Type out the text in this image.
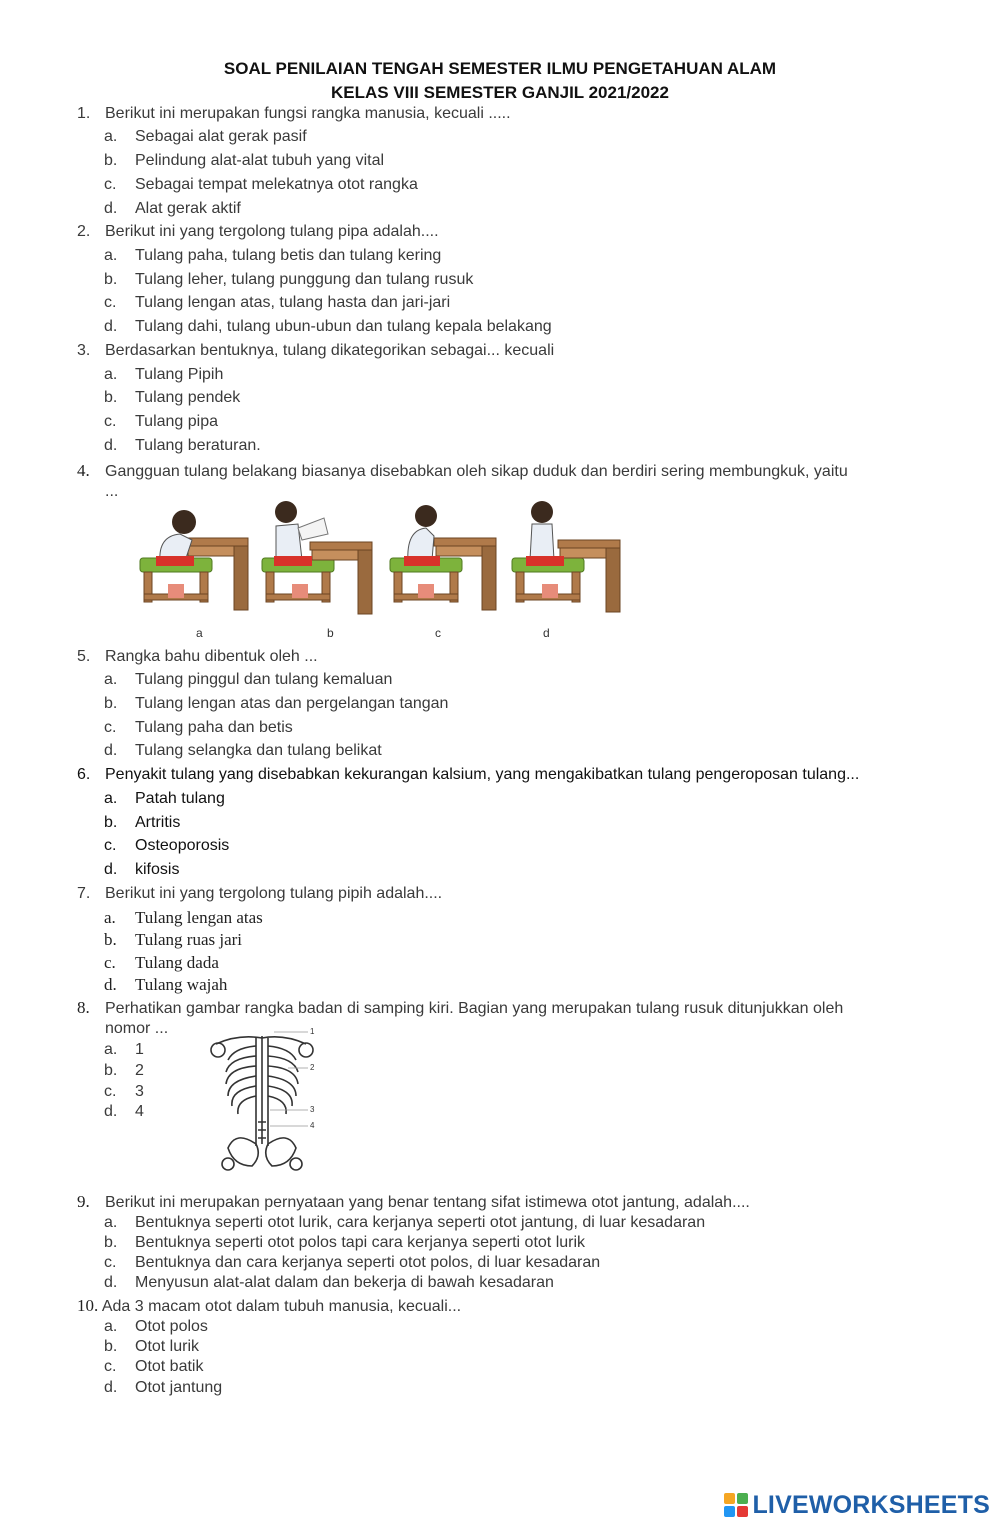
SOAL PENILAIAN TENGAH SEMESTER ILMU PENGETAHUAN ALAM
KELAS VIII SEMESTER GANJIL 2021/2022
1. Berikut ini merupakan fungsi rangka manusia, kecuali .....
a. Sebagai alat gerak pasif
b. Pelindung alat-alat tubuh yang vital
c. Sebagai tempat melekatnya otot rangka
d. Alat gerak aktif
2. Berikut ini yang tergolong tulang pipa adalah....
a. Tulang paha, tulang betis dan tulang kering
b. Tulang leher, tulang punggung dan tulang rusuk
c. Tulang lengan atas, tulang hasta dan jari-jari
d. Tulang dahi, tulang ubun-ubun dan tulang kepala belakang
3. Berdasarkan bentuknya, tulang dikategorikan sebagai... kecuali
a. Tulang Pipih
b. Tulang pendek
c. Tulang pipa
d. Tulang beraturan.
4. Gangguan tulang belakang biasanya disebabkan oleh sikap duduk dan berdiri sering membungkuk, yaitu
...
a	b	c	d
5. Rangka bahu dibentuk oleh ...
a. Tulang pinggul dan tulang kemaluan
b. Tulang lengan atas dan pergelangan tangan
c. Tulang paha dan betis
d. Tulang selangka dan tulang belikat
6. Penyakit tulang yang disebabkan kekurangan kalsium, yang mengakibatkan tulang pengeroposan tulang...
a. Patah tulang
b. Artritis
c. Osteoporosis
d. kifosis
7. Berikut ini yang tergolong tulang pipih adalah....
a. Tulang lengan atas
b. Tulang ruas jari
c. Tulang dada
d. Tulang wajah
8. Perhatikan gambar rangka badan di samping kiri. Bagian yang merupakan tulang rusuk ditunjukkan oleh
nomor ...
a. 1
b. 2
c. 3
d. 4
1
2
3
4
9. Berikut ini merupakan pernyataan yang benar tentang sifat istimewa otot jantung, adalah....
a. Bentuknya seperti otot lurik, cara kerjanya seperti otot jantung, di luar kesadaran
b. Bentuknya seperti otot polos tapi cara kerjanya seperti otot lurik
c. Bentuknya dan cara kerjanya seperti otot polos, di luar kesadaran
d. Menyusun alat-alat dalam dan bekerja di bawah kesadaran
10. Ada 3 macam otot dalam tubuh manusia, kecuali...
a. Otot polos
b. Otot lurik
c. Otot batik
d. Otot jantung
LIVEWORKSHEETS
